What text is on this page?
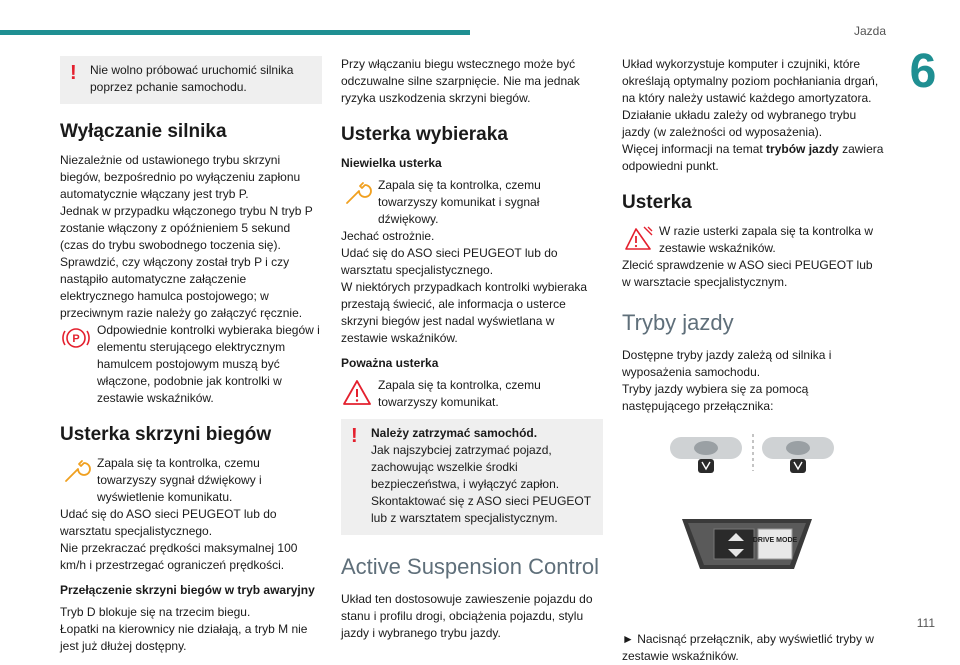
Jazda
6
111
! Nie wolno próbować uruchomić silnika poprzez pchanie samochodu.

Wyłączanie silnika

Niezależnie od ustawionego trybu skrzyni biegów, bezpośrednio po wyłączeniu zapłonu automatycznie włączany jest tryb P.

Jednak w przypadku włączonego trybu N tryb P zostanie włączony z opóźnieniem 5 sekund (czas do trybu swobodnego toczenia się).

Sprawdzić, czy włączony został tryb P i czy nastąpiło automatyczne załączenie elektrycznego hamulca postojowego; w przeciwnym razie należy go załączyć ręcznie.

P

Odpowiednie kontrolki wybieraka biegów i elementu sterującego elektrycznym hamulcem postojowym muszą być włączone, podobnie jak kontrolki w zestawie wskaźników.

Usterka skrzyni biegów

Zapala się ta kontrolka, czemu towarzyszy sygnał dźwiękowy i wyświetlenie komunikatu.

Udać się do ASO sieci PEUGEOT lub do warsztatu specjalistycznego.

Nie przekraczać prędkości maksymalnej 100 km/h i przestrzegać ograniczeń prędkości.

Przełączenie skrzyni biegów w tryb awaryjny

Tryb D blokuje się na trzecim biegu.

Łopatki na kierownicy nie działają, a tryb M nie jest już dłużej dostępny.

Przy włączaniu biegu wstecznego może być odczuwalne silne szarpnięcie. Nie ma jednak ryzyka uszkodzenia skrzyni biegów.

Usterka wybieraka
Niewielka usterka

Zapala się ta kontrolka, czemu towarzyszy komunikat i sygnał dźwiękowy.

Jechać ostrożnie.

Udać się do ASO sieci PEUGEOT lub do warsztatu specjalistycznego.

W niektórych przypadkach kontrolki wybieraka przestają świecić, ale informacja o usterce skrzyni biegów jest nadal wyświetlana w zestawie wskaźników.

Poważna usterka

Zapala się ta kontrolka, czemu towarzyszy komunikat.

! Należy zatrzymać samochód.

Jak najszybciej zatrzymać pojazd, zachowując wszelkie środki bezpieczeństwa, i wyłączyć zapłon.

Skontaktować się z ASO sieci PEUGEOT lub z warsztatem specjalistycznym.

Active Suspension Control

Układ ten dostosowuje zawieszenie pojazdu do stanu i profilu drogi, obciążenia pojazdu, stylu jazdy i wybranego trybu jazdy.

Układ wykorzystuje komputer i czujniki, które określają optymalny poziom pochłaniania drgań, na który należy ustawić każdego amortyzatora.

Działanie układu zależy od wybranego trybu jazdy (w zależności od wyposażenia).

Więcej informacji na temat trybów jazdy zawiera odpowiedni punkt.

Usterka

W razie usterki zapala się ta kontrolka w zestawie wskaźników.

Zlecić sprawdzenie w ASO sieci PEUGEOT lub w warsztacie specjalistycznym.

Tryby jazdy

Dostępne tryby jazdy zależą od silnika i wyposażenia samochodu.

Tryby jazdy wybiera się za pomocą następującego przełącznika:

DRIVE MODE

► Nacisnąć przełącznik, aby wyświetlić tryby w zestawie wskaźników.
